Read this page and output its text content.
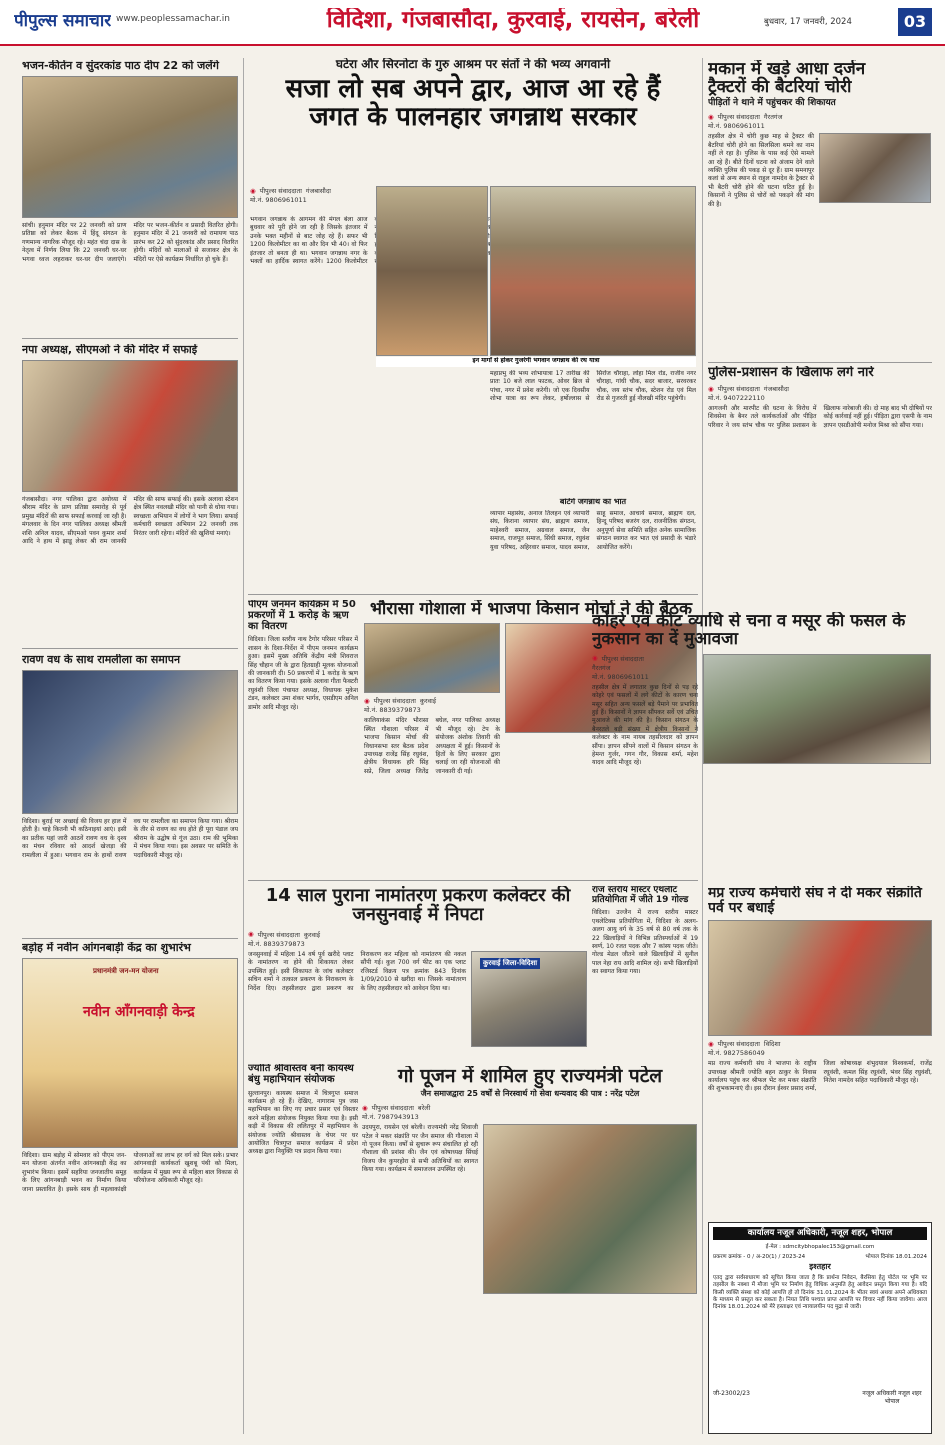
पीपुल्स समाचार www.peoplessamachar.in	विदिशा, गंजबासौदा, कुरवाई, रायसेन, बरेली	बुधवार, 17 जनवरी, 2024	03
भजन-कीर्तन व सुंदरकांड पाठ दीप 22 को जलेंगे
सांची। हनुमान मंदिर पर 22 जनवरी को प्राण प्रतिष्ठा को लेकर बैठक में हिंदू संगठन के गणमान्य नागरिक मौजूद रहे। महंत चंदा दास के नेतृत्व में निर्णय लिया कि 22 जनवरी घर-घर भगवा ध्वज लहराकर घर-घर दीप जलाएंगे। मंदिर पर भजन-कीर्तन व प्रसादी वितरित होगी। हनुमान मंदिर में 21 जनवरी को रामायण पाठ प्रारंभ कर 22 को सुंदरकांड और प्रसाद वितरित होगी। मंदिरों को मालाओं से सजाकर क्षेत्र के मंदिरों पर ऐसे कार्यक्रम निर्धारित हो चुके हैं।
नपा अध्यक्ष, सीएमओ ने की मंदिर में सफाई
गंजबासौदा। नगर पालिका द्वारा अयोध्या में श्रीराम मंदिर के प्राण प्रतिष्ठा समारोह से पूर्व प्रमुख मंदिरों की साफ सफाई करवाई जा रही है। मंगलवार के दिन नगर पालिका अध्यक्ष श्रीमती शशि अनिल यादव, सीएमओ पवन कुमार शर्मा आदि ने हाथ में झाडू लेकर श्री राम जानकी मंदिर की साफ सफाई की। इसके अलावा स्टेशन क्षेत्र स्थित नवलखी मंदिर को पानी से धोया गया। स्वच्छता अभियान में लोगों ने भाग लिया। सफाई कर्मचारी स्वच्छता अभियान 22 जनवरी तक निरंतर जारी रहेगा। मंदिरों की खुशियां मनाएं।
रावण वध के साथ रामलीला का समापन
विदिशा। बुराई पर अच्छाई की विजय हर हाल में होती है। चाहे कितनी भी कठिनाइयां आएं। इसी का प्रतीक यहां जारी आठवें रावण वध के दृश्य का मंचन रविवार को आदर्श खेजड़ा की रामलीला में हुआ। भगवान राम के हाथों रावण वध पर रामलीला का समापन किया गया। श्रीराम के तीर से रावण का वध होते ही पूरा पंडाल जय श्रीराम के उद्घोष से गूंज उठा। राम की भूमिका में मंचन किया गया। इस अवसर पर समिति के पदाधिकारी मौजूद रहे।
बड़ोह में नवीन आंगनबाड़ी केंद्र का शुभारंभ
प्रधानमंत्री जन-मन योजना
नवीन आँगनवाड़ी केन्द्र
विदिशा। ग्राम बड़ोह में सोमवार को पीएम जन-मन योजना अंतर्गत नवीन आंगनबाड़ी केंद्र का शुभारंभ किया। इसमें सहरिया जनजातीय समूह के लिए आंगनबाड़ी भवन का निर्माण किया जाना प्रस्तावित है। इसके साथ ही महत्वाकांक्षी योजनाओं का लाभ हर वर्ग को मिल सके। प्रभार आंगनवाड़ी कार्यकर्ता खुशबू पंथी को मिला, कार्यक्रम में मुख्य रूप से महिला बाल विकास से परियोजना अधिकारी मौजूद रहे।
घटेरा और सिरनोटा के गुरु आश्रम पर संतों ने की भव्य अगवानी
सजा लो सब अपने द्वार, आज आ रहे हैं
जगत के पालनहार जगन्नाथ सरकार
◉ पीपुल्स संवाददाता गंजबासौदा
मो.नं. 9806961011
भगवान जगन्नाथ के आगमन की मंगल बेला आज बुधवार को पूरी होने जा रही है जिसके इंतजार में उनके भक्त महीनों से बाट जोह रहे हैं। सफर भी 1200 किलोमीटर का था और दिन भी 40। वो फिर इंतजार तो बनता ही था। भगवान जगन्नाथ नगर के भक्तों का हार्दिक स्वागत करेंगे। 1200 किलोमीटर
इन मार्गों से होकर गुजरेगी भगवान जगन्नाथ की रथ यात्रा
महाप्रभु की भव्य शोभायात्रा 17 तारीख की प्रातः 10 बजे लाल फाटक, ओवर ब्रिज से पांचा, नगर में प्रवेश करेगी। जो एक दिवसीय शोभा यात्रा का रूप लेकर, हर्षोल्लास से सिरोंज चौराहा, लोहा मिल रोड, राजीव नगर चौराहा, गांधी चौक, सदर बाजार, सरवरकर चौक, जय स्तंभ चौक, स्टेशन रोड एवं मिल रोड से गुजरती हुई नौलखी मंदिर पहुंचेगी।
बांटेंगे जगन्नाथ का भात
व्यापार महासंघ, अनाज तिलहन एवं व्यापारी संघ, किराना व्यापार संघ, ब्राह्मण समाज, माहेश्वरी समाज, अग्रवाल समाज, जैन समाज, राजपूत समाज, सिंधी समाज, रघुवंश युवा परिषद, अहिरवार समाज, यादव समाज, साहू समाज, आचार्य समाज, ब्राह्मण दल, हिन्दू परिषद बजरंग दल, राजनीतिक संगठन, अनुपूर्णा सेवा समिति सहित अनेक सामाजिक संगठन स्वागत कर भात एवं प्रसादी के भंडारे आयोजित करेंगे।
पीएम जनमन कार्यक्रम में 50 प्रकरणों में 1 करोड़ के ऋण का वितरण
विदिशा। जिला स्तरीय नाथ टैगोर परिसर परिसर में शासन के दिशा-निर्देश में पीएम जनमन कार्यक्रम हुआ। इसमें मुख्य अतिथि केंद्रीय मंत्री शिवराज सिंह चौहान जी के द्वारा हितग्राही मूलक योजनाओं की जानकारी दी। 50 प्रकरणों में 1 करोड़ के ऋण का वितरण किया गया। इसके अलावा गीता फैक्टरी रघुवंशी जिला पंचायत अध्यक्ष, विधायक मुकेश टंडन, कलेक्टर उमा शंकर भार्गव, एसडीएम अनिल डामोर आदि मौजूद रहे।
भौरासा गोशाला में भाजपा किसान मोर्चा ने की बैठक
◉ पीपुल्स संवाददाता कुरवाई
मो.नं. 8839379873
कालियाकंस मंदिर भौरासा स्थित गौशाला परिसर में भाजपा किसान मोर्चा की विधानसभा स्तर बैठक प्रदेश उपाध्यक्ष राजेंद्र सिंह रघुवंश, क्षेत्रीय विधायक हरि सिंह सप्रे, जिला अध्यक्ष जितेंद्र बघेल, नगर पालिका अध्यक्ष भी मौजूद रहे। टेप के संयोजक अंशोक तिवारी की अध्यक्षता में हुई। किसानों के हितों के लिए सरकार द्वारा चलाई जा रही योजनाओं की जानकारी दी गई।
14 साल पुराना नामांतरण प्रकरण कलेक्टर की जनसुनवाई में निपटा
◉ पीपुल्स संवाददाता कुरवाई
मो.नं. 8839379873
जनसुनवाई में महिला 14 वर्ष पूर्व खरीदे प्लाट के नामांतरण ना होने की शिकायत लेकर उपस्थित हुई। इसी शिकायत के जांच कलेक्टर सचिन शर्मा ने तत्काल प्रकरण के निराकरण के निर्देश दिए। तहसीलदार द्वारा प्रकरण का निराकरण कर महिला को नामांतरण की नकल सौंपी गई। कुल 700 वर्ग फीट का एक प्लाट रजिस्टर्ड विक्रय पत्र क्रमांक 843 दिनांक 1/09/2010 से खरीदा था। जिसके नामांतरण के लिए तहसीलदार को आवेदन दिया था।
कुरवाई जिला-विदिशा
ज्योति श्रीवास्तव बनी कायस्थ बंधु महाभियान संयोजक
सुल्तानपुर। कायस्थ समाज में चित्रगुप्त समाज कार्यक्रम हो रहे हैं। देखिए, नागाराम पुत्र जस महाभियान का लिए गए प्रचार प्रसार एवं विस्तार करने महिला संयोजक नियुक्त किया गया है। इसी कड़ी में विकास की ललितपुर में महाभियान के संयोजक ज्योति श्रीवास्तव के चेयर पर घर आयोजित चित्रगुप्त समाज कार्यक्रम में प्रदेश अध्यक्ष द्वारा नियुक्ति पत्र प्रदान किया गया।
राज स्तरीय मास्टर एथलीट प्रतियोगिता में जीते 19 गोल्ड
विदिशा। उज्जैन में राज्य स्तरीय मास्टर एथलेटिक्स प्रतियोगिता में, विदिशा के अलग-अलग आयु वर्ग के 35 वर्ष से 80 वर्ष तक के 22 खिलाड़ियों ने विभिन्न प्रतिस्पर्धाओं में 19 स्वर्ण, 10 रजत पदक और 7 कांस्य पदक जीते। गोल्ड मेडल जीतने वाले खिलाड़ियों में सुनील पाल नेहा राय आदि शामिल रहे। सभी खिलाड़ियों का स्वागत किया गया।
गो पूजन में शामिल हुए राज्यमंत्री पटेल
जैन समाजद्वारा 25 वर्षों से निरस्वार्थ गो सेवा धन्यवाद की पात्र : नरेंद्र पटेल
◉ पीपुल्स संवाददाता बरेली
मो.नं. 7987943913
उदयपुरा, रायसेन एवं बरेली। राज्यमंत्री नरेंद्र शिवाजी पटेल ने मकर संक्रांति पर जैन समाज की गौशाला में गो पूजन किया। वर्षों से सुचारू रूप संचालित हो रही गौशाला की प्रशंसा की। जैन एवं कोषाध्यक्ष सिंघई विजय जैन कुपरहोरा से सभी अतिथियों का स्वागत किया गया। कार्यक्रम में समाजजन उपस्थित रहे।
मकान में खड़े आधा दर्जन
ट्रैक्टरों की बैटरियां चोरी
पीड़ितों ने थाने में पहुंचकर की शिकायत
◉ पीपुल्स संवाददाता गैरतगंज
मो.नं. 9806961011
तहसील क्षेत्र में चोरी कुछ माह से ट्रैक्टर की बैटरियां चोरी होने का सिलसिला थमने का नाम नहीं ले रहा है। पुलिस के पास कई ऐसे मामले आ रहे हैं। बीते दिनों घटना को अंजाम देने वाले व्यक्ति पुलिस की पकड़ से दूर हैं। ग्राम समनापुर कलां से अन्य स्थान से राहुल नामदेव के ट्रैक्टर से भी बैटरी चोरी होने की घटना घटित हुई है। किसानों ने पुलिस से चोरों को पकड़ने की मांग की है।
पुलिस-प्रशासन के खिलाफ लगे नारे
◉ पीपुल्स संवाददाता गंजबासौदा
मो.नं. 9407222110
आगजनी और मारपीट की घटना के विरोध में शिवसेना के बैनर तले कार्यकर्ताओं और पीड़ित परिवार ने जय स्तंभ चौक पर पुलिस प्रशासन के खिलाफ नारेबाजी की। दो माह बाद भी दोषियों पर कोई कार्रवाई नहीं हुई। पीड़िता द्वारा एसपी के नाम ज्ञापन एसडीओपी मनोज मिश्रा को सौंपा गया।
कोहरे एवं कीट व्याधि से चना व मसूर की फसल के नुकसान का दें मुआवजा
◉ पीपुल्स संवाददाता
गैरतगंज
मो.नं. 9806961011
तहसील क्षेत्र में लगातार कुछ दिनों से पड़ रहे कोहरे एवं फसलों में लगे कीटों के कारण चना मसूर सहित अन्य फसलें बड़े पैमाने पर प्रभावित हुई हैं। किसानों ने ज्ञापन सौंपकर सर्वे एवं उचित मुआवजे की मांग की है। किसान संगठन के बैनरतले बड़ी संख्या में क्षेत्रीय किसानों ने कलेक्टर के नाम नायब तहसीलदार को ज्ञापन सौंपा। ज्ञापन सौंपने वालों में किसान संगठन के हेमन्त गुर्जर, गगन गौर, विकास शर्मा, महेश यादव आदि मौजूद रहे।
मप्र राज्य कर्मचारी संघ ने दी मकर संक्रांति पर्व पर बधाई
◉ पीपुल्स संवाददाता विदिशा
मो.नं. 9827586049
मप्र राज्य कर्मचारी संघ ने भाजपा के राष्ट्रीय उपाध्यक्ष श्रीमती ज्योति बहन ठाकुर के निवास कार्यालय पहुंच कर श्रीफल भेंट कर मकर संक्रांति की शुभकामनाएं दी। इस दौरान ईश्वर प्रसाद शर्मा, जिला कोषाध्यक्ष शंभुदयाल विश्वकर्मा, राजेंद्र रघुवंशी, कमल सिंह रघुवंशी, भंवर सिंह रघुवंशी, नितेश नामदेव सहित पदाधिकारी मौजूद रहे।
कार्यालय नजूल अधिकारी, नजूल शहर, भोपाल
ई-मेल : sdmcitybhopalec153@gmail.com
प्रकरण क्रमांक - 0 / अ-20(1) / 2023-24	भोपाल दिनांक 18.01.2024
इश्तहार
एतद् द्वारा सर्वसाधारण को सूचित किया जाता है कि प्रार्थना निवेदन, बैरसिया हेतु पोर्टल पर भूमि पर तहसील के नक्शा में मौजा भूमि पर निर्माण हेतु विधिक अनुमति हेतु आवेदन प्रस्तुत किया गया है। यदि किसी व्यक्ति संस्था को कोई आपत्ति हो तो दिनांक 31.01.2024 के भीतर स्वयं अथवा अपने अधिवक्ता के माध्यम से प्रस्तुत कर सकता है। नियत तिथि पश्चात प्राप्त आपत्ति पर विचार नहीं किया जावेगा। आज दिनांक 18.01.2024 को मेरे हस्ताक्षर एवं न्यायालयीन पद मुद्रा से जारी।
जी-23002/23	नजूल अधिकारी नजूल शहर भोपाल
